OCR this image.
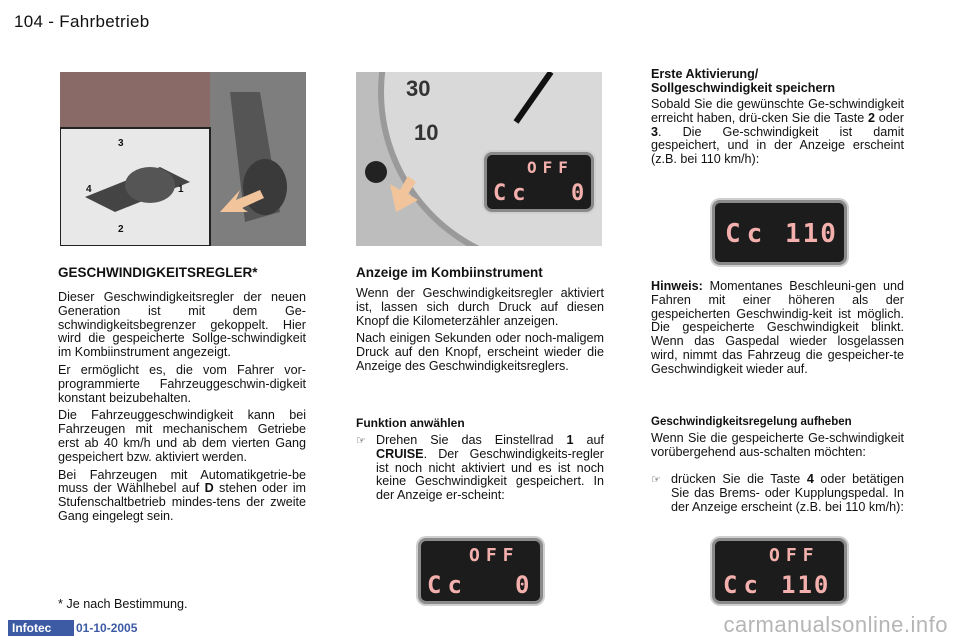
104 - Fahrbetrieb
3
4	1
2
30
10
OFF
Cc 0
GESCHWINDIGKEITSREGLER*

Dieser Geschwindigkeitsregler der neuen Generation ist mit dem Ge-schwindigkeitsbegrenzer gekoppelt. Hier wird die gespeicherte Sollge-schwindigkeit im Kombiinstrument angezeigt.

Er ermöglicht es, die vom Fahrer vor-programmierte Fahrzeuggeschwin-digkeit konstant beizubehalten.

Die Fahrzeuggeschwindigkeit kann bei Fahrzeugen mit mechanischem Getriebe erst ab 40 km/h und ab dem vierten Gang gespeichert bzw. aktiviert werden.

Bei Fahrzeugen mit Automatikgetrie-be muss der Wählhebel auf D stehen oder im Stufenschaltbetrieb mindes-tens der zweite Gang eingelegt sein.

* Je nach Bestimmung.
Anzeige im Kombiinstrument

Wenn der Geschwindigkeitsregler aktiviert ist, lassen sich durch Druck auf diesen Knopf die Kilometerzähler anzeigen.

Nach einigen Sekunden oder noch-maligem Druck auf den Knopf, erscheint wieder die Anzeige des Geschwindigkeitsreglers.

Funktion anwählen
☞ Drehen Sie das Einstellrad 1 auf CRUISE. Der Geschwindigkeits-regler ist noch nicht aktiviert und es ist noch keine Geschwindigkeit gespeichert. In der Anzeige er-scheint:
OFF
Cc 0
Erste Aktivierung/
Sollgeschwindigkeit speichern

Sobald Sie die gewünschte Ge-schwindigkeit erreicht haben, drü-cken Sie die Taste 2 oder 3. Die Ge-schwindigkeit ist damit gespeichert, und in der Anzeige erscheint (z.B. bei 110 km/h):

Cc 110

Hinweis: Momentanes Beschleuni-gen und Fahren mit einer höheren als der gespeicherten Geschwindig-keit ist möglich. Die gespeicherte Geschwindigkeit blinkt. Wenn das Gaspedal wieder losgelassen wird, nimmt das Fahrzeug die gespeicher-te Geschwindigkeit wieder auf.

Geschwindigkeitsregelung aufheben
Wenn Sie die gespeicherte Ge-schwindigkeit vorübergehend aus-schalten möchten:
☞ drücken Sie die Taste 4 oder betätigen Sie das Brems- oder Kupplungspedal. In der Anzeige erscheint (z.B. bei 110 km/h):
OFF
Cc 110
Infotec	01-10-2005	carmanualsonline.info
